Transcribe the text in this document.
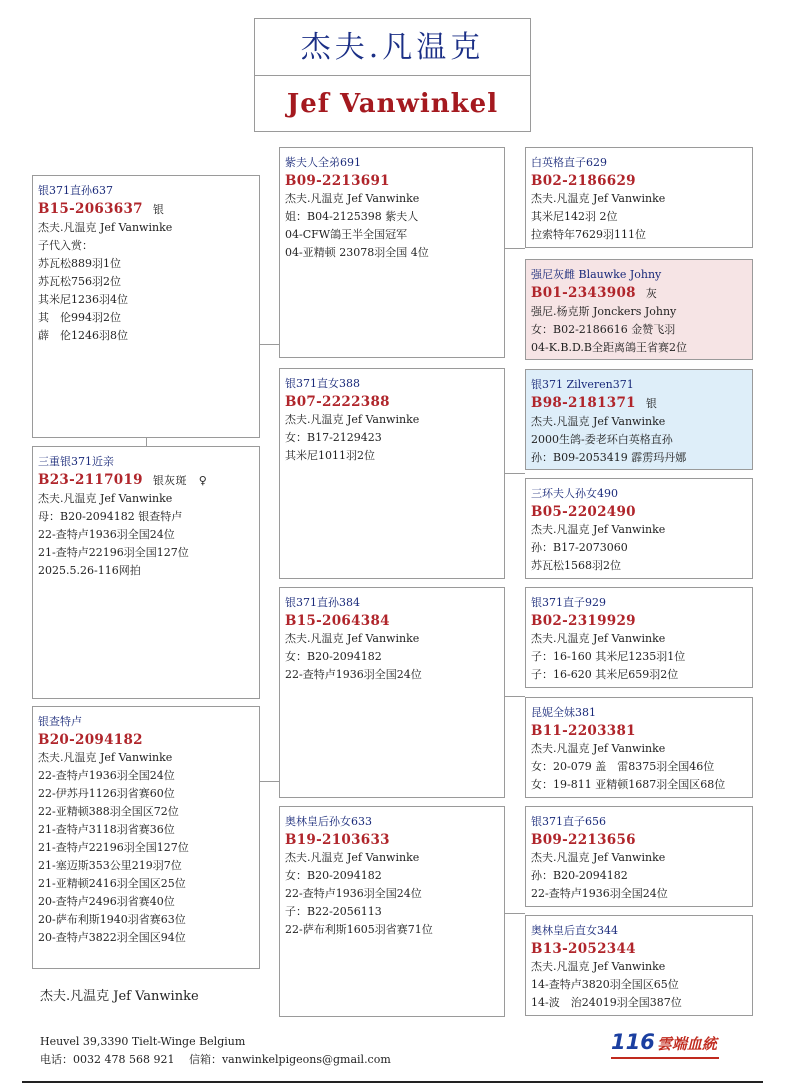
杰夫.凡温克
Jef Vanwinkel
银371直孙637
B15-2063637 银
杰夫.凡温克 Jef Vanwinke
子代入赏：
苏瓦松889羽1位
苏瓦松756羽2位
其米尼1236羽4位
其　伦994羽2位
薜　伦1246羽8位
三重银371近亲
B23-2117019 银灰斑 ♀
杰夫.凡温克 Jef Vanwinke
母：B20-2094182 银查特卢
22-查特卢1936羽全国24位
21-查特卢22196羽全国127位
2025.5.26-116网拍
银查特卢
B20-2094182
杰夫.凡温克 Jef Vanwinke
22-查特卢1936羽全国24位
22-伊苏丹1126羽省赛60位
22-亚精顿388羽全国区72位
21-查特卢3118羽省赛36位
21-查特卢22196羽全国127位
21-塞迈斯353公里219羽7位
21-亚精顿2416羽全国区25位
20-查特卢2496羽省赛40位
20-萨布利斯1940羽省赛63位
20-查特卢3822羽全国区94位
紫夫人全弟691
B09-2213691
杰夫.凡温克 Jef Vanwinke
姐：B04-2125398 紫夫人
04-CFW鴿王半全国冠军
04-亚精顿 23078羽全国 4位
银371直女388
B07-2222388
杰夫.凡温克 Jef Vanwinke
女：B17-2129423
其米尼1011羽2位
银371直孙384
B15-2064384
杰夫.凡温克 Jef Vanwinke
女：B20-2094182
22-查特卢1936羽全国24位
奥林皇后孙女633
B19-2103633
杰夫.凡温克 Jef Vanwinke
女：B20-2094182
22-查特卢1936羽全国24位
子：B22-2056113
22-萨布利斯1605羽省赛71位
白英格直子629
B02-2186629
杰夫.凡温克 Jef Vanwinke
其米尼142羽 2位
拉索特年7629羽111位
强尼灰雌 Blauwke Johny
B01-2343908 灰
强尼.杨克斯 Jonckers Johny
女：B02-2186616 金赞飞羽
04-K.B.D.B全距离鴿王省赛2位
银371 Zilveren371
B98-2181371 银
杰夫.凡温克 Jef Vanwinke
2000生鸽-委老环白英格直孙
孙：B09-2053419 霹雳玛丹娜
三环夫人孙女490
B05-2202490
杰夫.凡温克 Jef Vanwinke
孙：B17-2073060
苏瓦松1568羽2位
银371直子929
B02-2319929
杰夫.凡温克 Jef Vanwinke
子：16-160 其米尼1235羽1位
子：16-620 其米尼659羽2位
昆妮全妹381
B11-2203381
杰夫.凡温克 Jef Vanwinke
女：20-079 盖　雷8375羽全国46位
女：19-811 亚精顿1687羽全国区68位
银371直子656
B09-2213656
杰夫.凡温克 Jef Vanwinke
孙：B20-2094182
22-查特卢1936羽全国24位
奥林皇后直女344
B13-2052344
杰夫.凡温克 Jef Vanwinke
14-查特卢3820羽全国区65位
14-波　治24019羽全国387位
杰夫.凡温克 Jef Vanwinke
Heuvel 39,3390 Tielt-Winge Belgium
电话：0032 478 568 921　 信箱：vanwinkelpigeons@gmail.com
116 雲端血統
